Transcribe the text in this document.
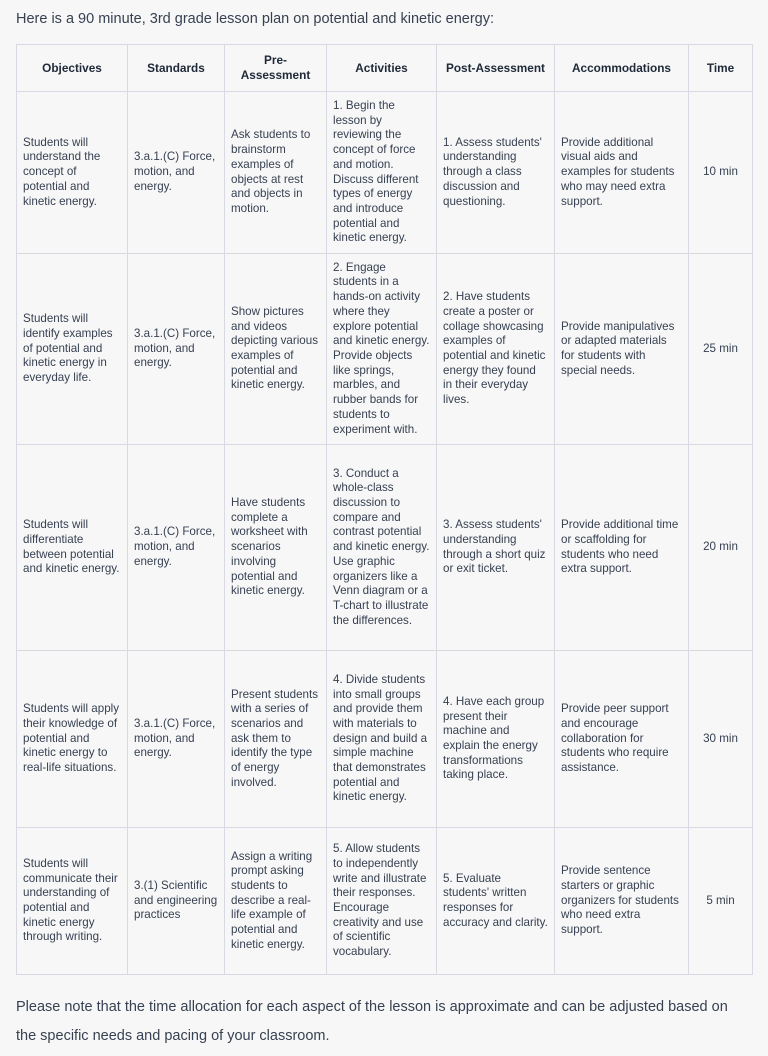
Here is a 90 minute, 3rd grade lesson plan on potential and kinetic energy:
Objectives	Standards	Pre-Assessment	Activities	Post-Assessment	Accommodations	Time
Students will understand the concept of potential and kinetic energy.	3.a.1.(C) Force, motion, and energy.	Ask students to brainstorm examples of objects at rest and objects in motion.	1. Begin the lesson by reviewing the concept of force and motion. Discuss different types of energy and introduce potential and kinetic energy.	1. Assess students' understanding through a class discussion and questioning.	Provide additional visual aids and examples for students who may need extra support.	10 min
Students will identify examples of potential and kinetic energy in everyday life.	3.a.1.(C) Force, motion, and energy.	Show pictures and videos depicting various examples of potential and kinetic energy.	2. Engage students in a hands-on activity where they explore potential and kinetic energy. Provide objects like springs, marbles, and rubber bands for students to experiment with.	2. Have students create a poster or collage showcasing examples of potential and kinetic energy they found in their everyday lives.	Provide manipulatives or adapted materials for students with special needs.	25 min
Students will differentiate between potential and kinetic energy.	3.a.1.(C) Force, motion, and energy.	Have students complete a worksheet with scenarios involving potential and kinetic energy.	3. Conduct a whole-class discussion to compare and contrast potential and kinetic energy. Use graphic organizers like a Venn diagram or a T-chart to illustrate the differences.	3. Assess students' understanding through a short quiz or exit ticket.	Provide additional time or scaffolding for students who need extra support.	20 min
Students will apply their knowledge of potential and kinetic energy to real-life situations.	3.a.1.(C) Force, motion, and energy.	Present students with a series of scenarios and ask them to identify the type of energy involved.	4. Divide students into small groups and provide them with materials to design and build a simple machine that demonstrates potential and kinetic energy.	4. Have each group present their machine and explain the energy transformations taking place.	Provide peer support and encourage collaboration for students who require assistance.	30 min
Students will communicate their understanding of potential and kinetic energy through writing.	3.(1) Scientific and engineering practices	Assign a writing prompt asking students to describe a real-life example of potential and kinetic energy.	5. Allow students to independently write and illustrate their responses. Encourage creativity and use of scientific vocabulary.	5. Evaluate students' written responses for accuracy and clarity.	Provide sentence starters or graphic organizers for students who need extra support.	5 min
Please note that the time allocation for each aspect of the lesson is approximate and can be adjusted based on the specific needs and pacing of your classroom.
